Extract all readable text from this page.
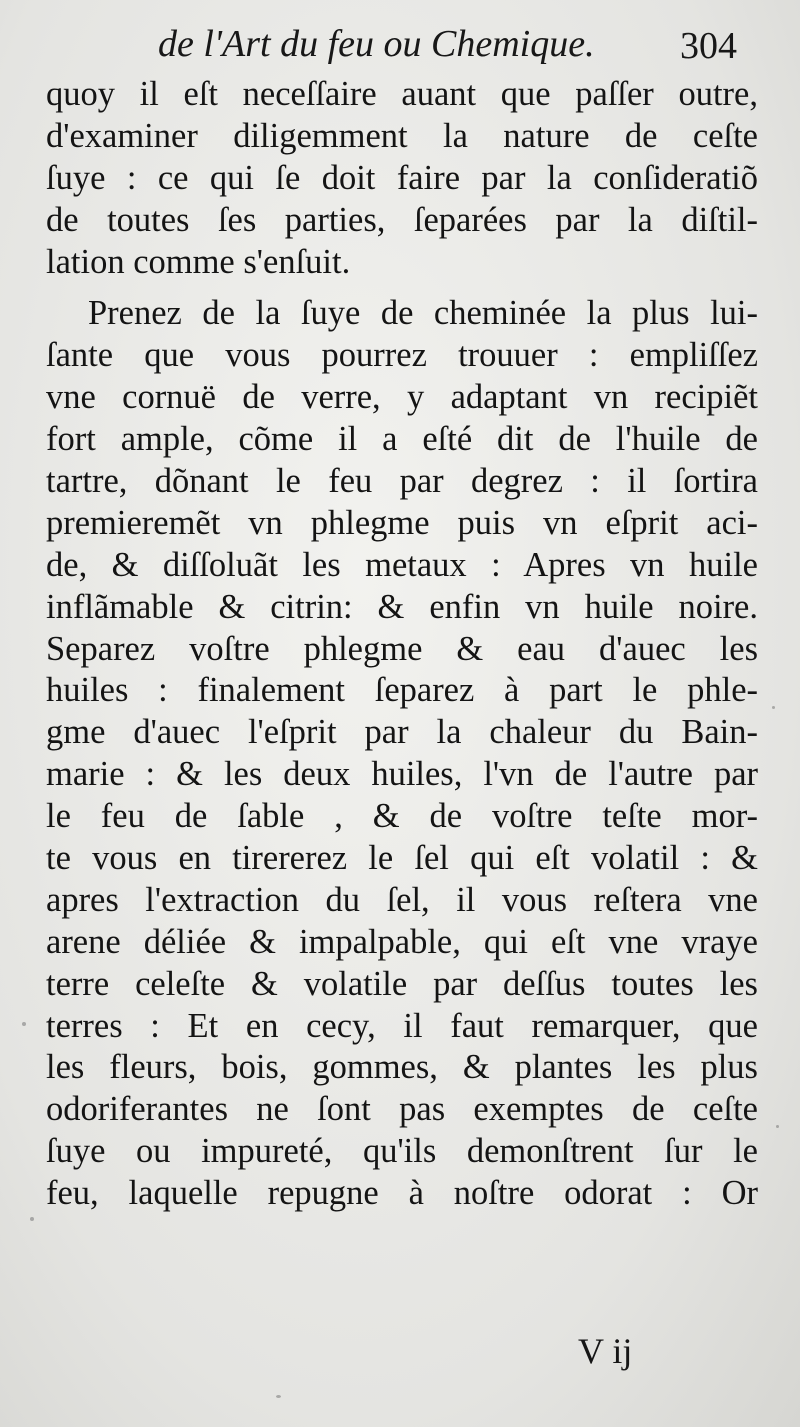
de l'Art du feu ou Chemique. 304
quoy il eſt neceſſaire auant que paſſer outre,
d'examiner diligemment la nature de ceſte
ſuye : ce qui ſe doit faire par la conſideratiõ
de toutes ſes parties, ſeparées par la diſtil-
lation comme s'enſuit.
Prenez de la ſuye de cheminée la plus lui-
ſante que vous pourrez trouuer : empliſſez
vne cornuë de verre, y adaptant vn recipiẽt
fort ample, cõme il a eſté dit de l'huile de
tartre, dõnant le feu par degrez : il ſortira
premieremẽt vn phlegme puis vn eſprit aci-
de, & diſſoluãt les metaux : Apres vn huile
inflãmable & citrin: & enfin vn huile noire.
Separez voſtre phlegme & eau d'auec les
huiles : finalement ſeparez à part le phle-
gme d'auec l'eſprit par la chaleur du Bain-
marie : & les deux huiles, l'vn de l'autre par
le feu de ſable , & de voſtre teſte mor-
te vous en tirererez le ſel qui eſt volatil : &
apres l'extraction du ſel, il vous reſtera vne
arene déliée & impalpable, qui eſt vne vraye
terre celeſte & volatile par deſſus toutes les
terres : Et en cecy, il faut remarquer, que
les fleurs, bois, gommes, & plantes les plus
odoriferantes ne ſont pas exemptes de ceſte
ſuye ou impureté, qu'ils demonſtrent ſur le
feu, laquelle repugne à noſtre odorat : Or
V ij
